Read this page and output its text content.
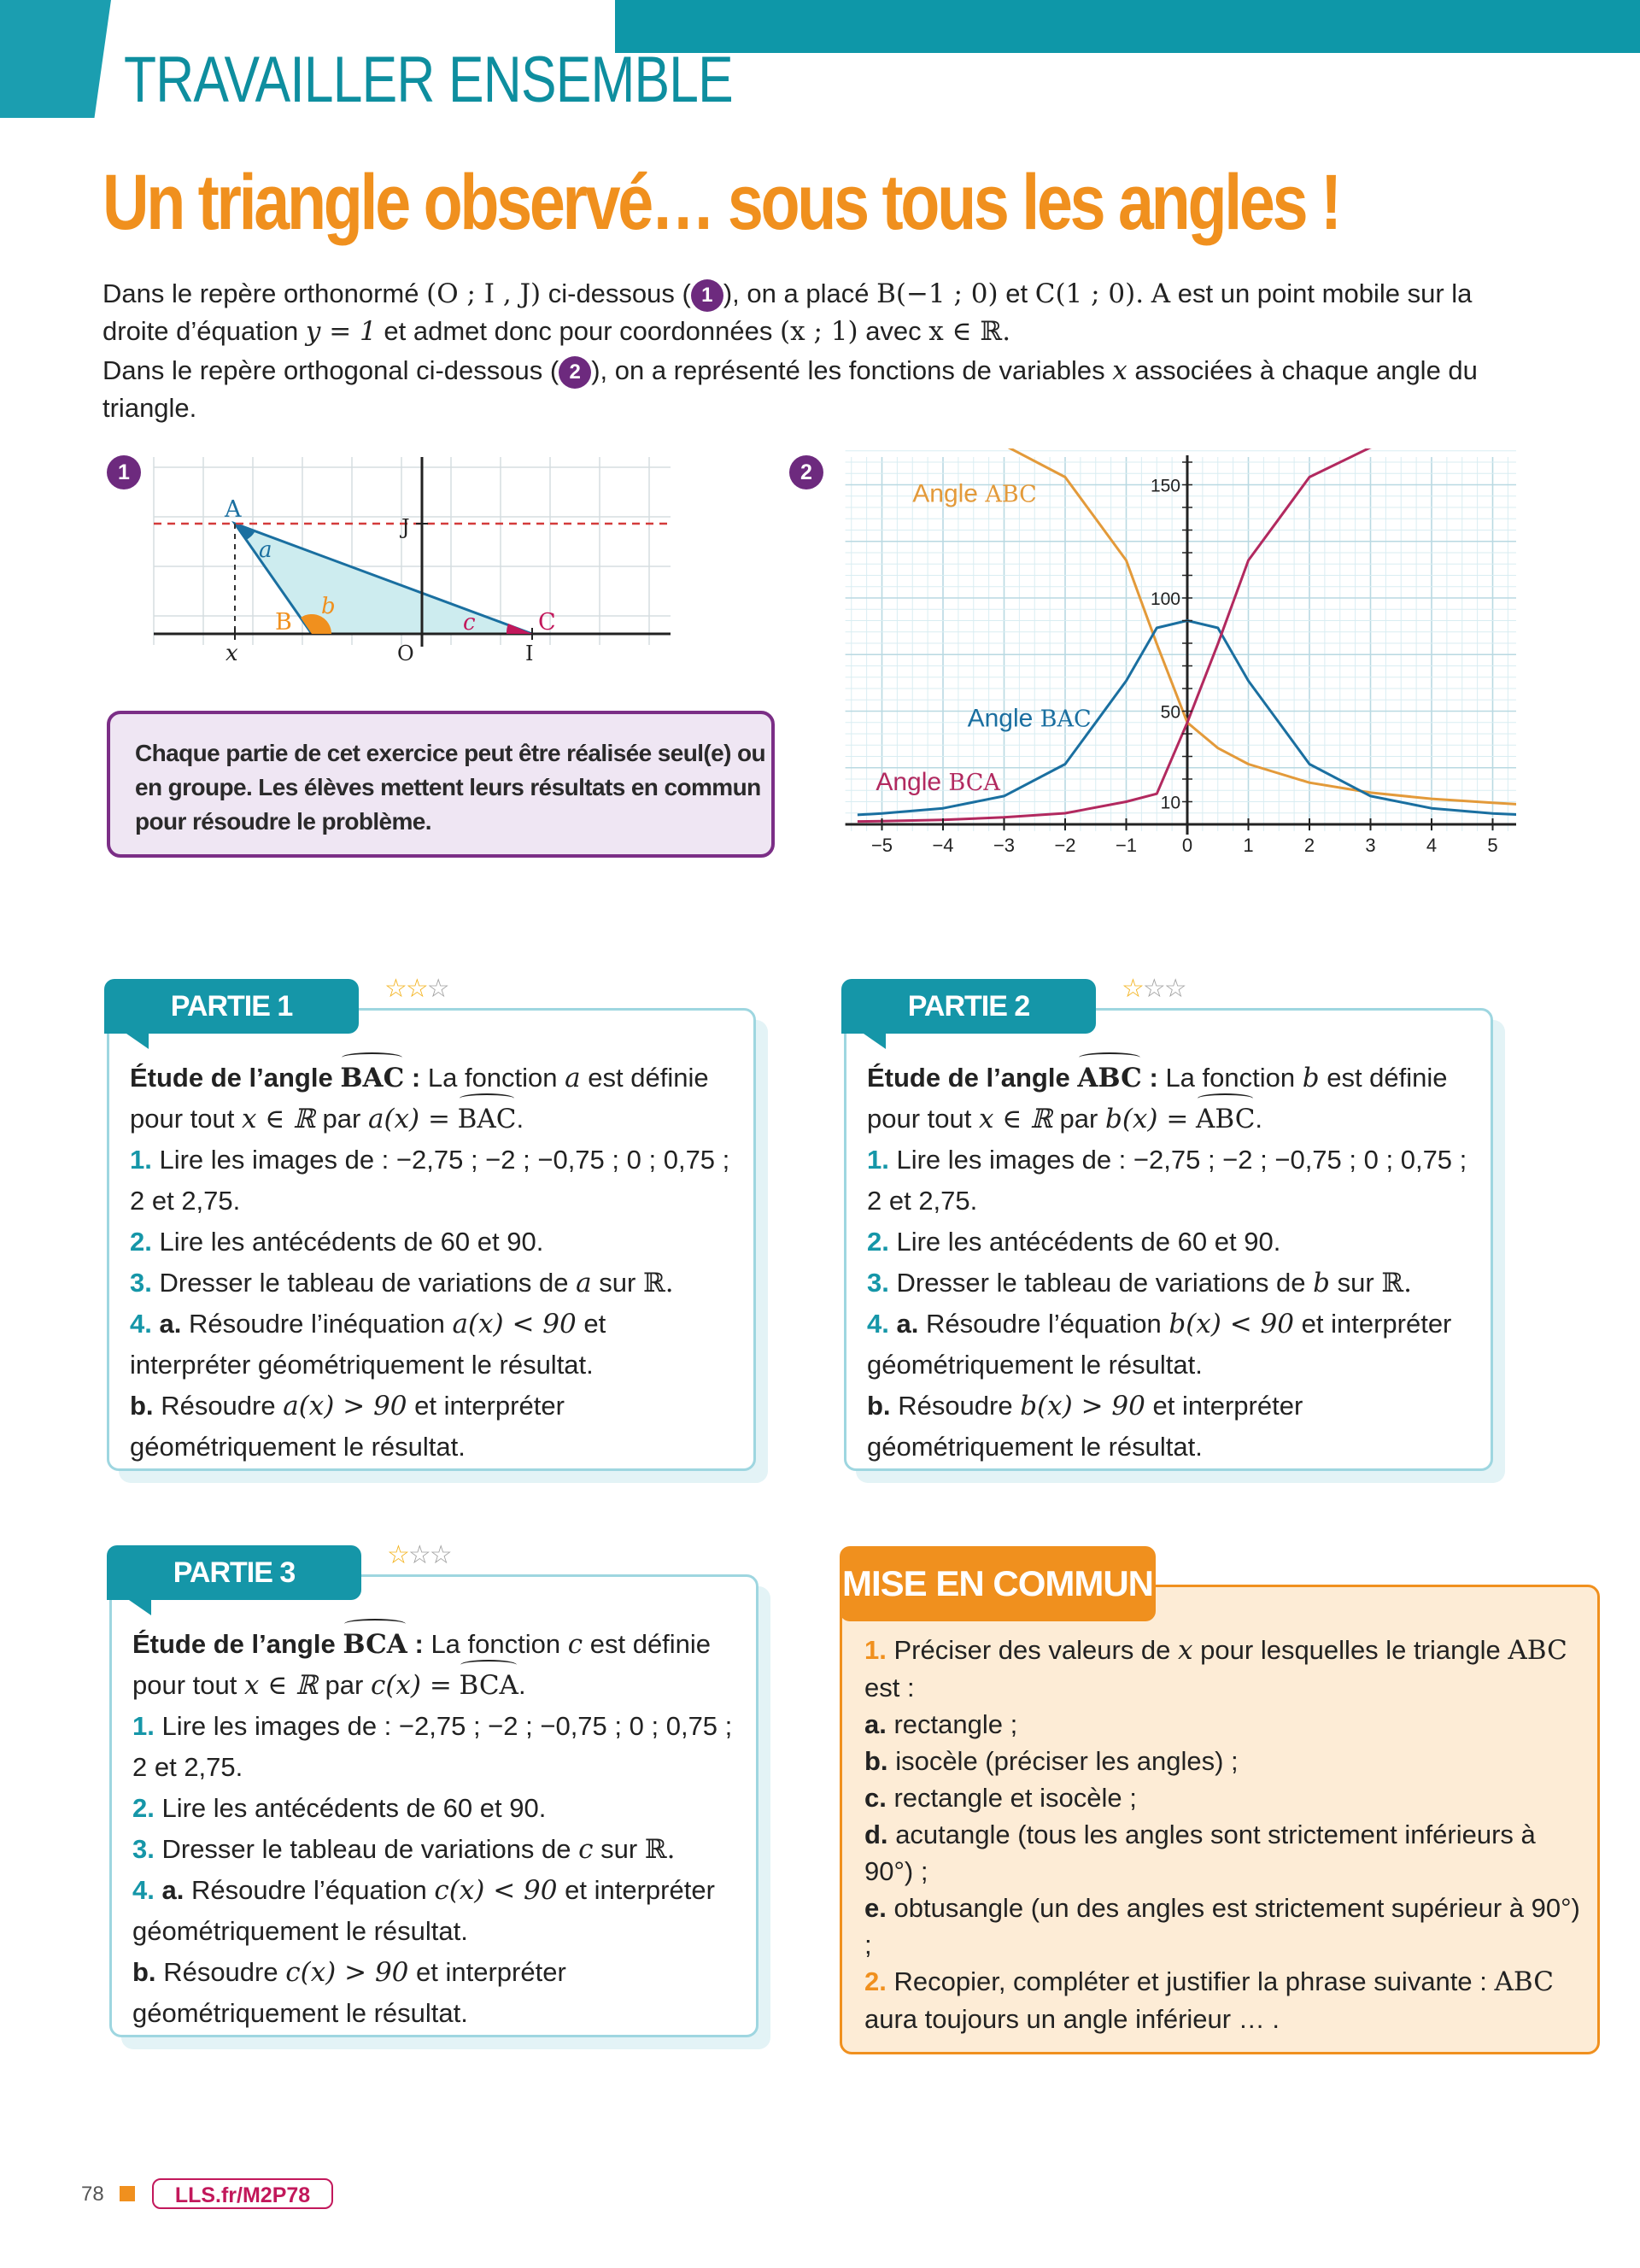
TRAVAILLER ENSEMBLE
Un triangle observé… sous tous les angles !
Dans le repère orthonormé (O ; I , J) ci-dessous ( 1 ), on a placé B(−1 ; 0) et C(1 ; 0). A est un point mobile sur la droite d’équation y = 1 et admet donc pour coordonnées (x ; 1) avec x ∈ ℝ.
Dans le repère orthogonal ci-dessous ( 2 ), on a représenté les fonctions de variables x associées à chaque angle du triangle.
1
A
B	C
O	I
J
x
a
b
c
Chaque partie de cet exercice peut être réalisée seul(e) ou en groupe. Les élèves mettent leurs résultats en commun pour résoudre le problème.
2
−5 −4 −3 −2 −1 0	1	2	3	4	5
10
50
100
150
Angle ABC
Angle BAC
Angle BCA
PARTIE 1
☆☆☆
Étude de l’angle BAC : La fonction a est définie pour tout x ∈ ℝ par a(x) = BAC.
1. Lire les images de : −2,75 ; −2 ; −0,75 ; 0 ; 0,75 ; 2 et 2,75.
2. Lire les antécédents de 60 et 90.
3. Dresser le tableau de variations de a sur ℝ.
4. a. Résoudre l’inéquation a(x) < 90 et interpréter géométriquement le résultat.
b. Résoudre a(x) > 90 et interpréter géométriquement le résultat.
PARTIE 2
☆☆☆
Étude de l’angle ABC : La fonction b est définie pour tout x ∈ ℝ par b(x) = ABC.
1. Lire les images de : −2,75 ; −2 ; −0,75 ; 0 ; 0,75 ; 2 et 2,75.
2. Lire les antécédents de 60 et 90.
3. Dresser le tableau de variations de b sur ℝ.
4. a. Résoudre l’équation b(x) < 90 et interpréter géométriquement le résultat.
b. Résoudre b(x) > 90 et interpréter géométriquement le résultat.
PARTIE 3
☆☆☆
Étude de l’angle BCA : La fonction c est définie pour tout x ∈ ℝ par c(x) = BCA.
1. Lire les images de : −2,75 ; −2 ; −0,75 ; 0 ; 0,75 ; 2 et 2,75.
2. Lire les antécédents de 60 et 90.
3. Dresser le tableau de variations de c sur ℝ.
4. a. Résoudre l’équation c(x) < 90 et interpréter géométriquement le résultat.
b. Résoudre c(x) > 90 et interpréter géométriquement le résultat.
MISE EN COMMUN
1. Préciser des valeurs de x pour lesquelles le triangle ABC est :
a. rectangle ;
b. isocèle (préciser les angles) ;
c. rectangle et isocèle ;
d. acutangle (tous les angles sont strictement inférieurs à 90°) ;
e. obtusangle (un des angles est strictement supérieur à 90°) ;
2. Recopier, compléter et justifier la phrase suivante : ABC aura toujours un angle inférieur … .
78	LLS.fr/M2P78
